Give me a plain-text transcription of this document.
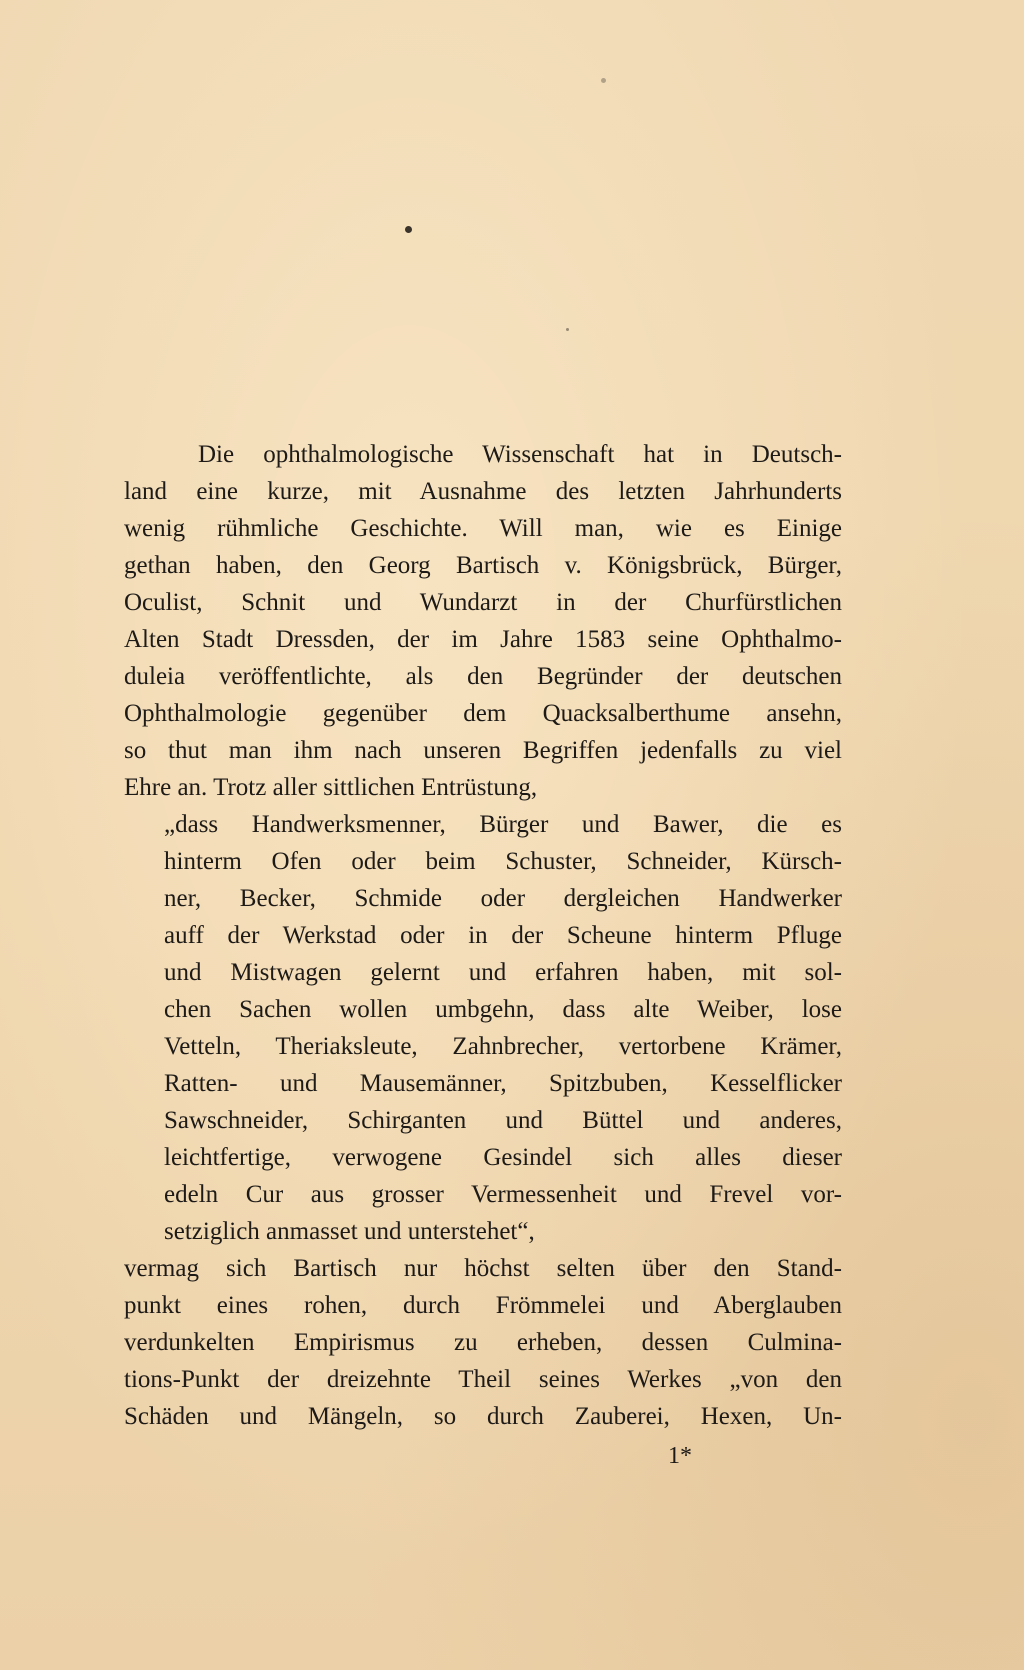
Die ophthalmologische Wissenschaft hat in Deutsch-
land eine kurze, mit Ausnahme des letzten Jahrhunderts
wenig rühmliche Geschichte. Will man, wie es Einige
gethan haben, den Georg Bartisch v. Königsbrück, Bürger,
Oculist, Schnit und Wundarzt in der Churfürstlichen
Alten Stadt Dressden, der im Jahre 1583 seine Ophthalmo-
duleia veröffentlichte, als den Begründer der deutschen
Ophthalmologie gegenüber dem Quacksalberthume ansehn,
so thut man ihm nach unseren Begriffen jedenfalls zu viel
Ehre an. Trotz aller sittlichen Entrüstung,
„dass Handwerksmenner, Bürger und Bawer, die es
hinterm Ofen oder beim Schuster, Schneider, Kürsch-
ner, Becker, Schmide oder dergleichen Handwerker
auff der Werkstad oder in der Scheune hinterm Pfluge
und Mistwagen gelernt und erfahren haben, mit sol-
chen Sachen wollen umbgehn, dass alte Weiber, lose
Vetteln, Theriaksleute, Zahnbrecher, vertorbene Krämer,
Ratten- und Mausemänner, Spitzbuben, Kesselflicker
Sawschneider, Schirganten und Büttel und anderes,
leichtfertige, verwogene Gesindel sich alles dieser
edeln Cur aus grosser Vermessenheit und Frevel vor-
setziglich anmasset und unterstehet“,
vermag sich Bartisch nur höchst selten über den Stand-
punkt eines rohen, durch Frömmelei und Aberglauben
verdunkelten Empirismus zu erheben, dessen Culmina-
tions-Punkt der dreizehnte Theil seines Werkes „von den
Schäden und Mängeln, so durch Zauberei, Hexen, Un-
1*
